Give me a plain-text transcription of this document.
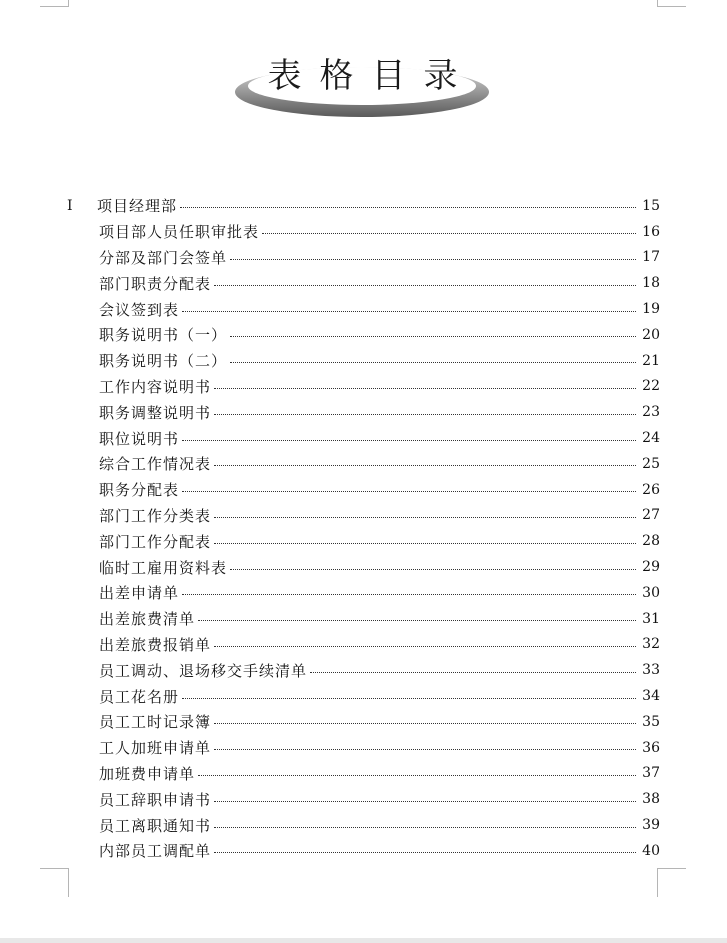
表格目录
I	项目经理部	15
项目部人员任职审批表	16
分部及部门会签单	17
部门职责分配表	18
会议签到表	19
职务说明书（一）	20
职务说明书（二）	21
工作内容说明书	22
职务调整说明书	23
职位说明书	24
综合工作情况表	25
职务分配表	26
部门工作分类表	27
部门工作分配表	28
临时工雇用资料表	29
出差申请单	30
出差旅费清单	31
出差旅费报销单	32
员工调动、退场移交手续清单	33
员工花名册	34
员工工时记录簿	35
工人加班申请单	36
加班费申请单	37
员工辞职申请书	38
员工离职通知书	39
内部员工调配单	40
